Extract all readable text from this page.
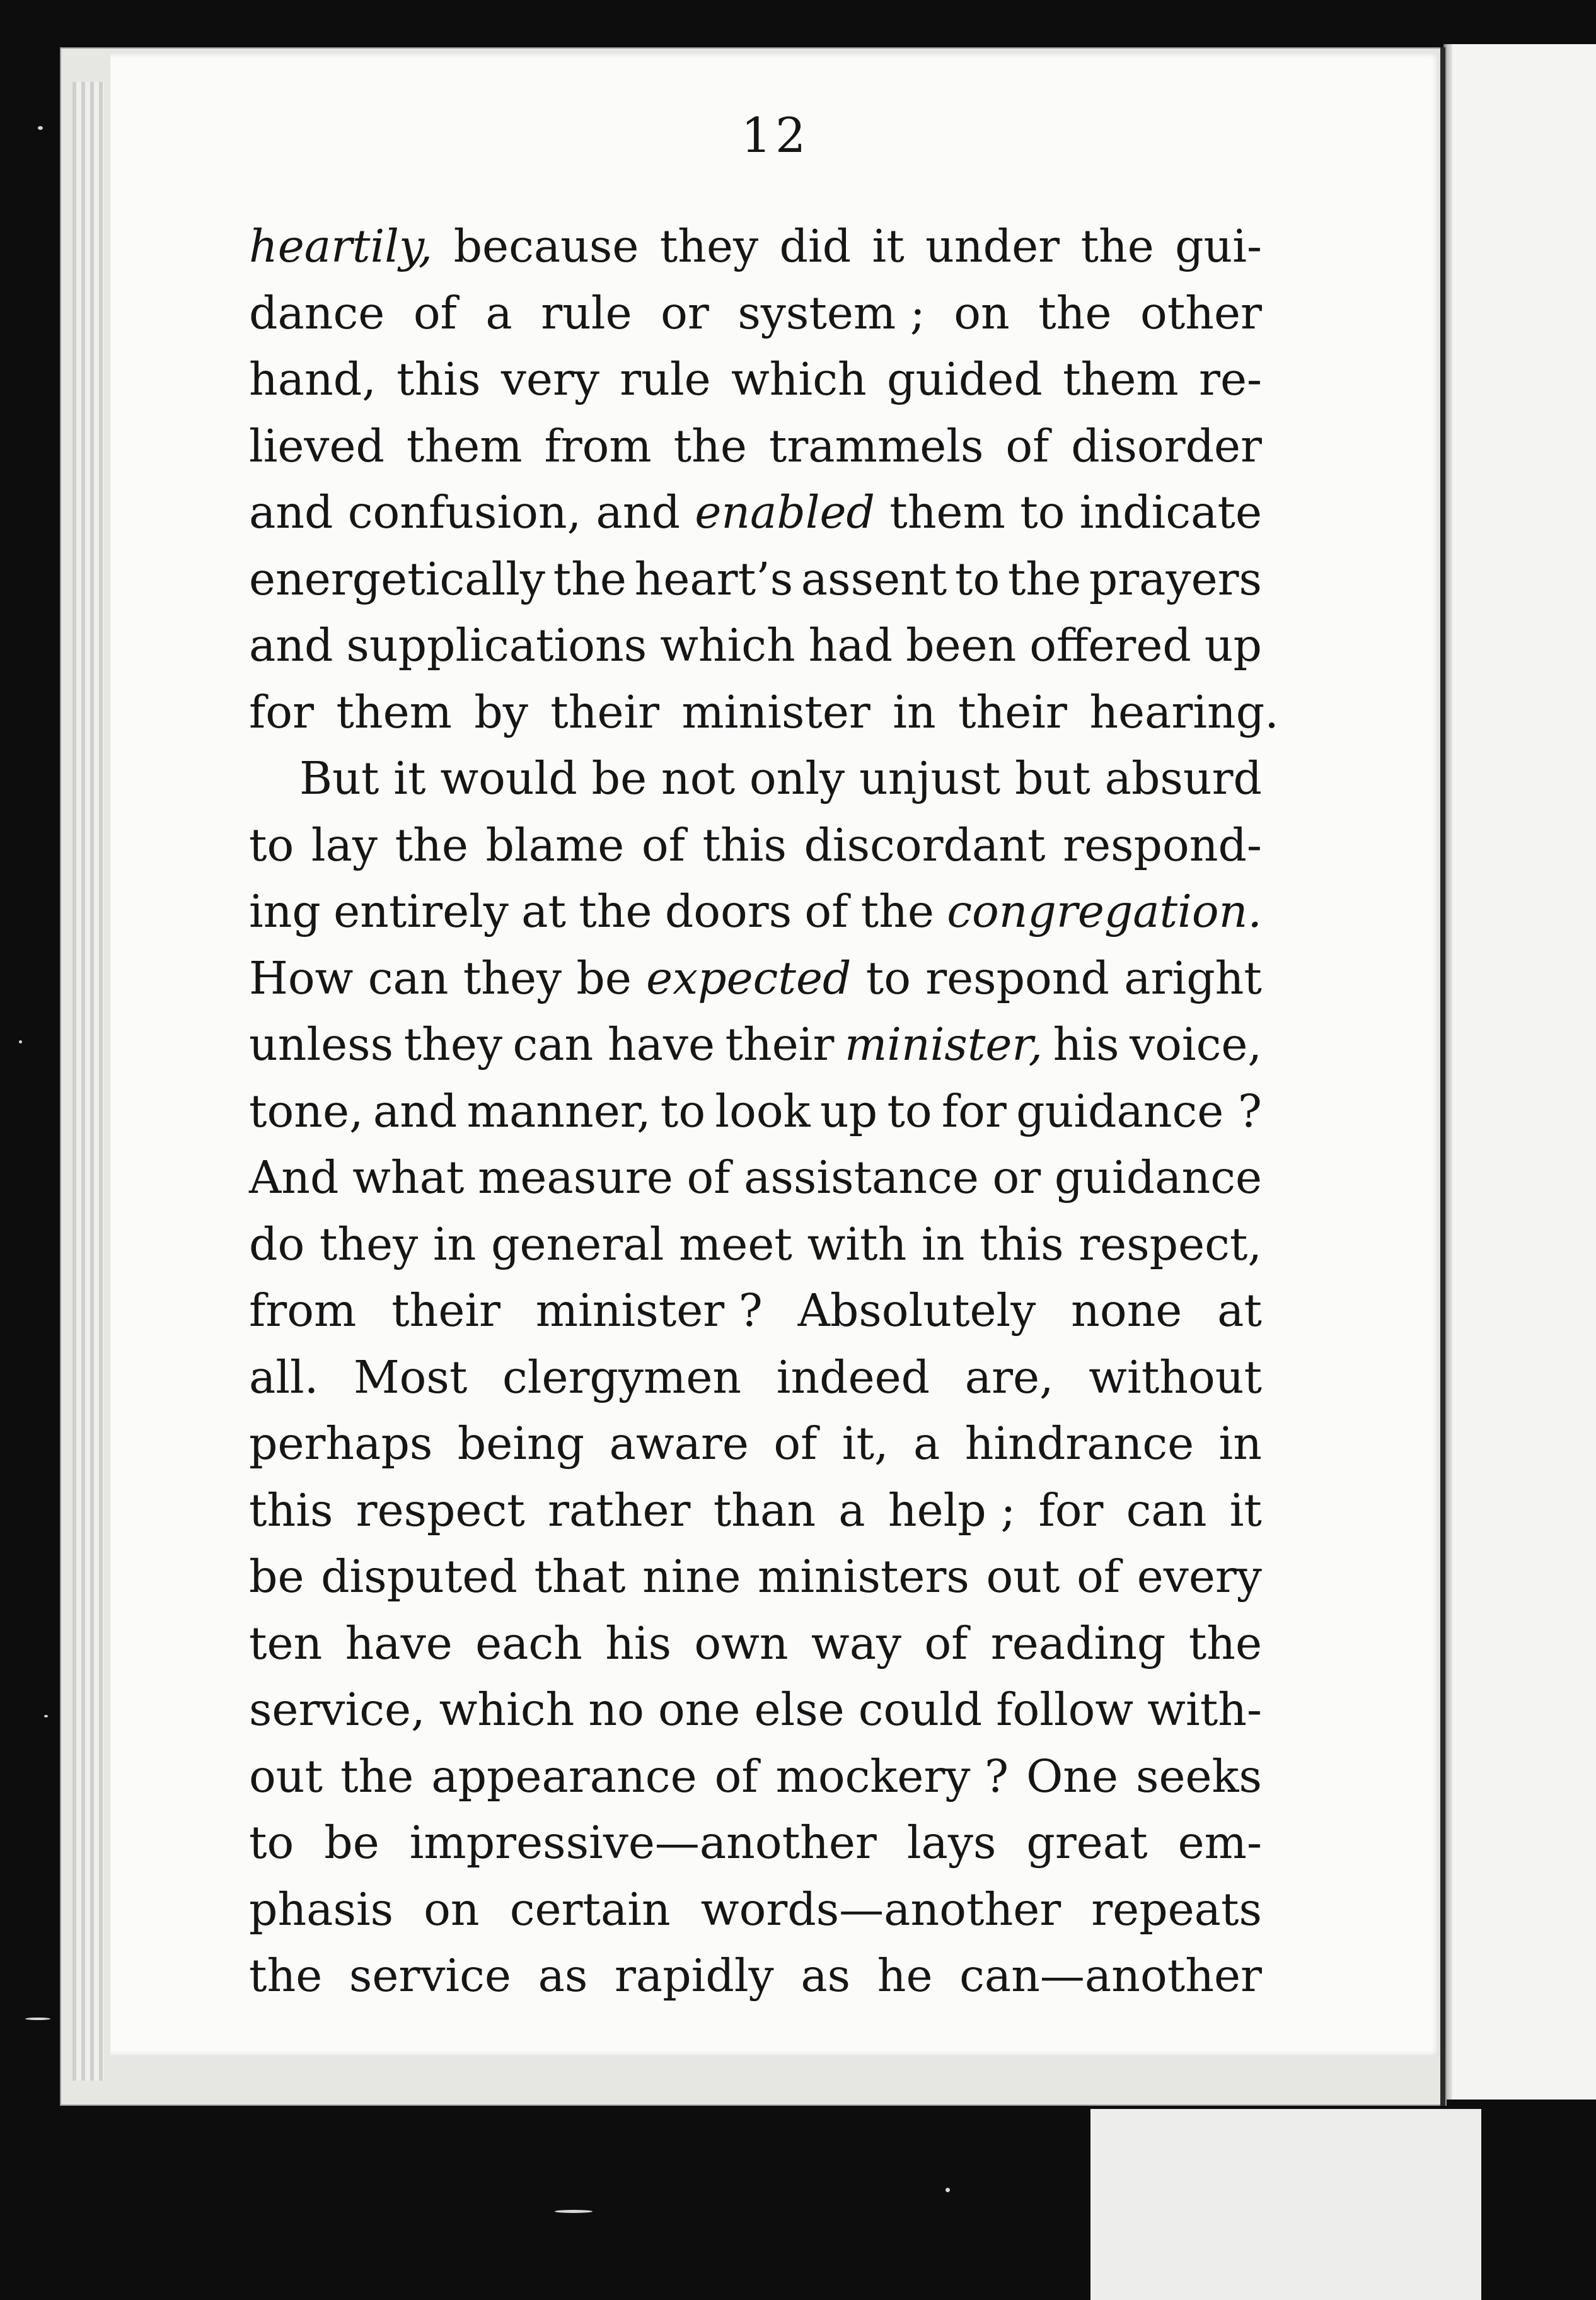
12
heartily, because they did it under the gui-
dance of a rule or system ; on the other
hand, this very rule which guided them re-
lieved them from the trammels of disorder
and confusion, and enabled them to indicate
energetically the heart’s assent to the prayers
and supplications which had been offered up
for them by their minister in their hearing.
But it would be not only unjust but absurd
to lay the blame of this discordant respond-
ing entirely at the doors of the congregation.
How can they be expected to respond aright
unless they can have their minister, his voice,
tone, and manner, to look up to for guidance ?
And what measure of assistance or guidance
do they in general meet with in this respect,
from their minister ? Absolutely none at
all. Most clergymen indeed are, without
perhaps being aware of it, a hindrance in
this respect rather than a help ; for can it
be disputed that nine ministers out of every
ten have each his own way of reading the
service, which no one else could follow with-
out the appearance of mockery ? One seeks
to be impressive—another lays great em-
phasis on certain words—another repeats
the service as rapidly as he can—another
